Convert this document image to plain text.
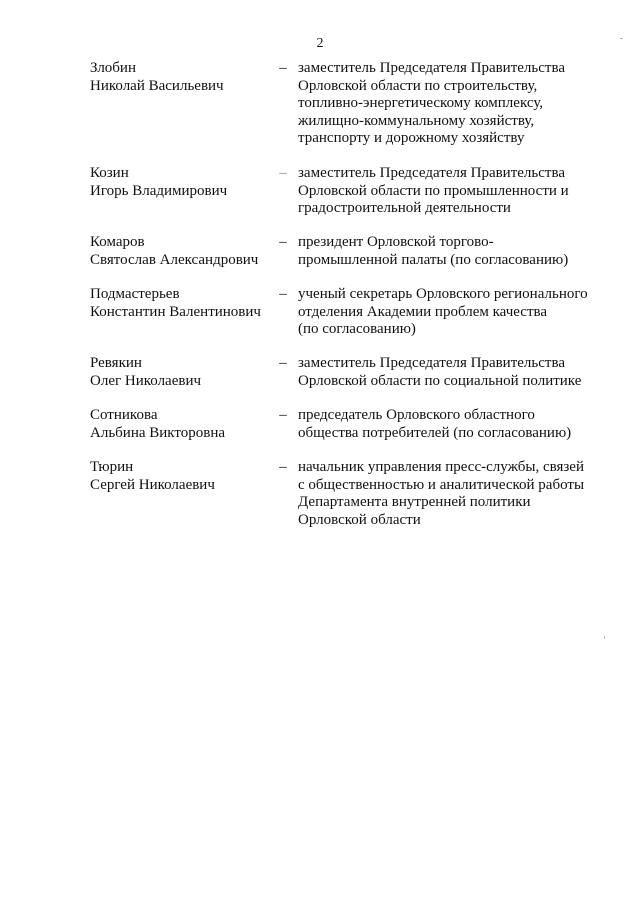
2
Злобин
Николай Васильевич
– заместитель Председателя Правительства
Орловской области по строительству,
топливно-энергетическому комплексу,
жилищно-коммунальному хозяйству,
транспорту и дорожному хозяйству
Козин
Игорь Владимирович
– заместитель Председателя Правительства
Орловской области по промышленности и
градостроительной деятельности
Комаров
Святослав Александрович
– президент Орловской торгово-
промышленной палаты (по согласованию)
Подмастерьев
Константин Валентинович
– ученый секретарь Орловского регионального
отделения Академии проблем качества
(по согласованию)
Ревякин
Олег Николаевич
– заместитель Председателя Правительства
Орловской области по социальной политике
Сотникова
Альбина Викторовна
– председатель Орловского областного
общества потребителей (по согласованию)
Тюрин
Сергей Николаевич
– начальник управления пресс-службы, связей
с общественностью и аналитической работы
Департамента внутренней политики
Орловской области
